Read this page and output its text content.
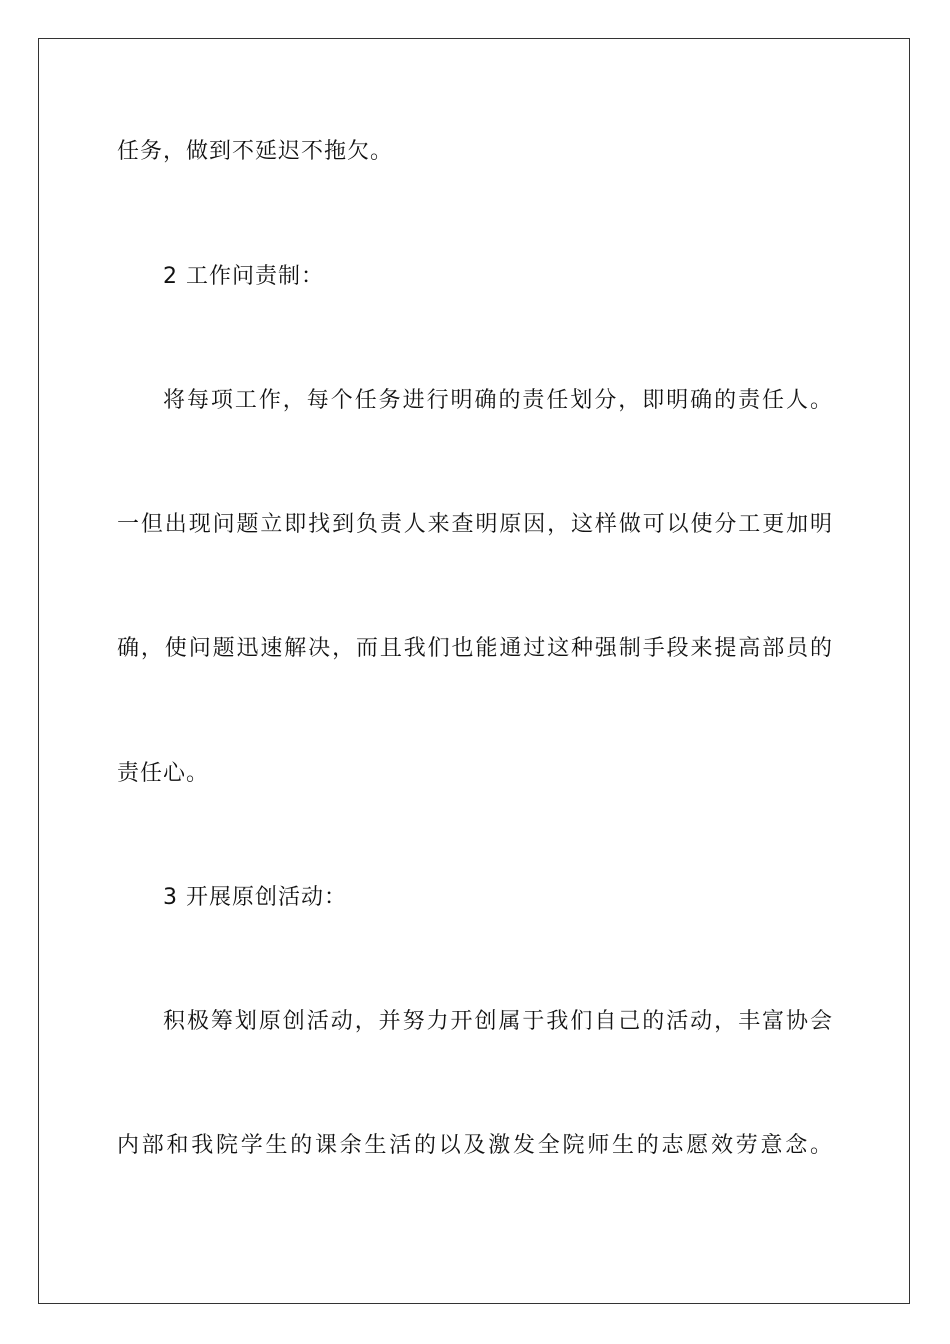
任务，做到不延迟不拖欠。
2 工作问责制：
将每项工作，每个任务进行明确的责任划分，即明确的责任人。
一但出现问题立即找到负责人来查明原因，这样做可以使分工更加明
确，使问题迅速解决，而且我们也能通过这种强制手段来提高部员的
责任心。
3 开展原创活动：
积极筹划原创活动，并努力开创属于我们自己的活动，丰富协会
内部和我院学生的课余生活的以及激发全院师生的志愿效劳意念。
